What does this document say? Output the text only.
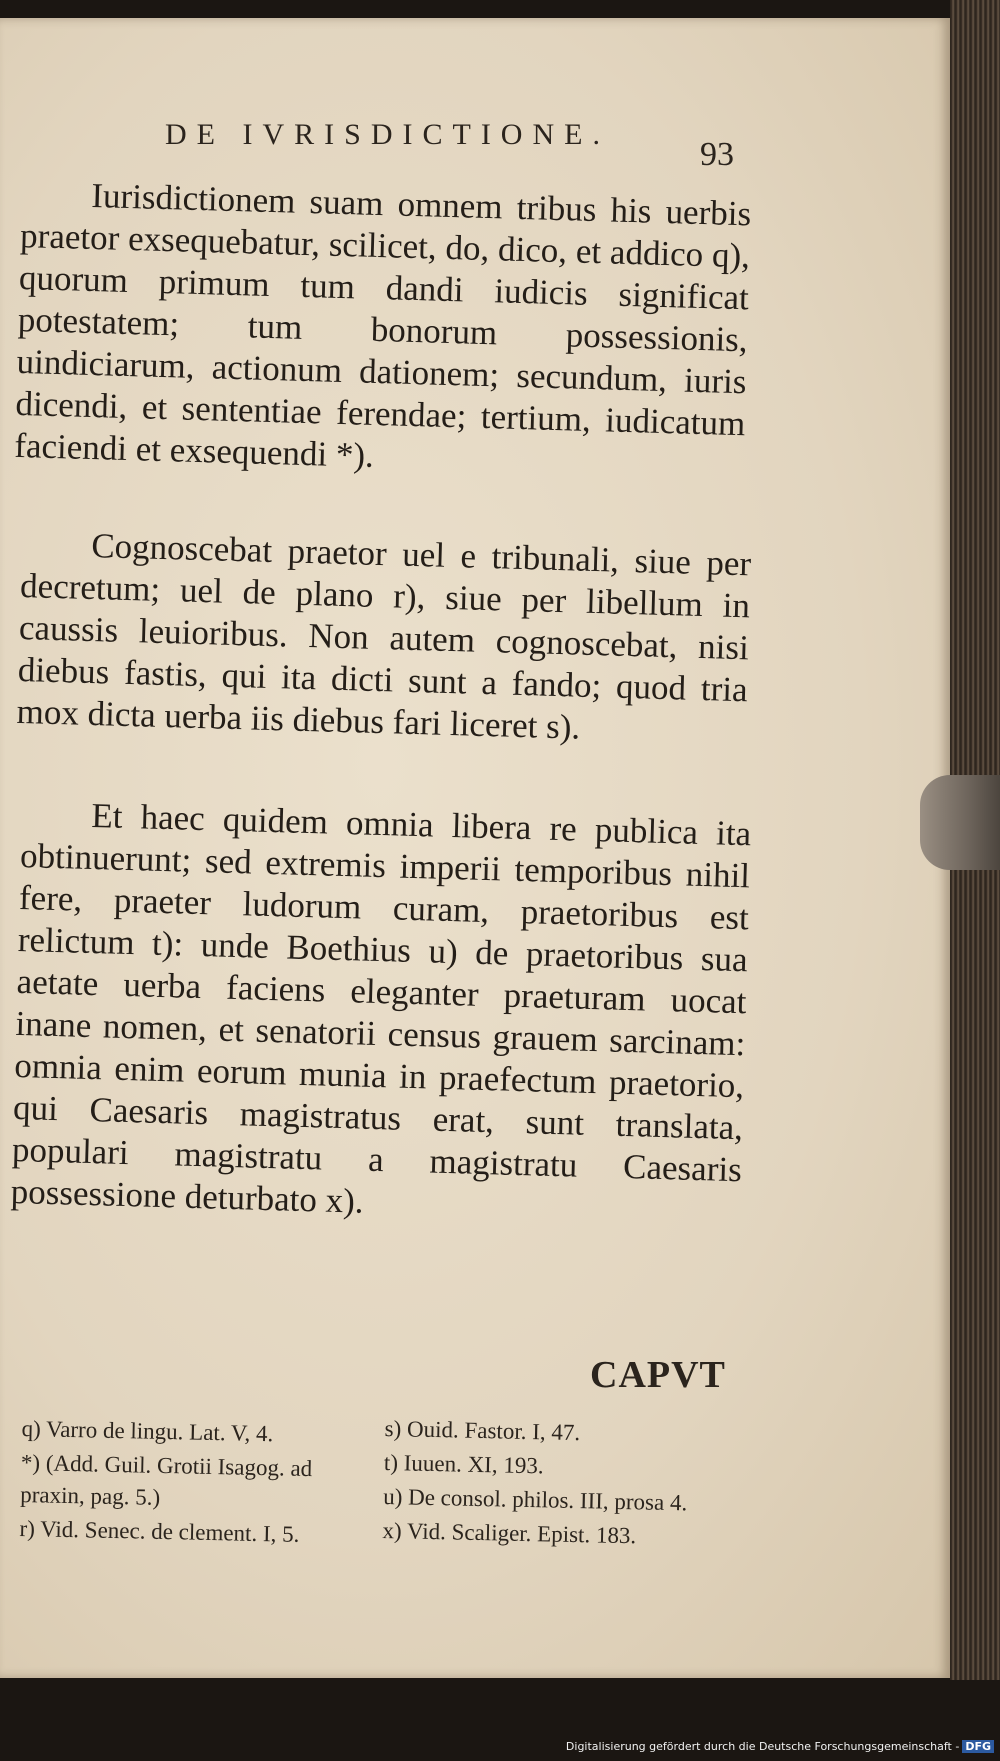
DE IVRISDICTIONE.
93

Iurisdictionem suam omnem tribus his uerbis praetor exsequebatur, scilicet, do, dico, et addico q), quorum primum tum dandi iudicis significat potestatem; tum bonorum possessionis, uindiciarum, actionum dationem; secundum, iuris dicendi, et sententiae ferendae; tertium, iudicatum faciendi et exsequendi *).

Cognoscebat praetor uel e tribunali, siue per decretum; uel de plano r), siue per libellum in caussis leuioribus. Non autem cognoscebat, nisi diebus fastis, qui ita dicti sunt a fando; quod tria mox dicta uerba iis diebus fari liceret s).

Et haec quidem omnia libera re publica ita obtinuerunt; sed extremis imperii temporibus nihil fere, praeter ludorum curam, praetoribus est relictum t): unde Boethius u) de praetoribus sua aetate uerba faciens eleganter praeturam uocat inane nomen, et senatorii census grauem sarcinam: omnia enim eorum munia in praefectum praetorio, qui Caesaris magistratus erat, sunt translata, populari magistratu a magistratu Caesaris possessione deturbato x).

CAPVT
q) Varro de lingu. Lat. V, 4.
*) (Add. Guil. Grotii Isagog. ad praxin, pag. 5.)
r) Vid. Senec. de clement. I, 5.
s) Ouid. Fastor. I, 47.
t) Iuuen. XI, 193.
u) De consol. philos. III, prosa 4.
x) Vid. Scaliger. Epist. 183.
Digitalisierung gefördert durch die Deutsche Forschungsgemeinschaft - DFG
